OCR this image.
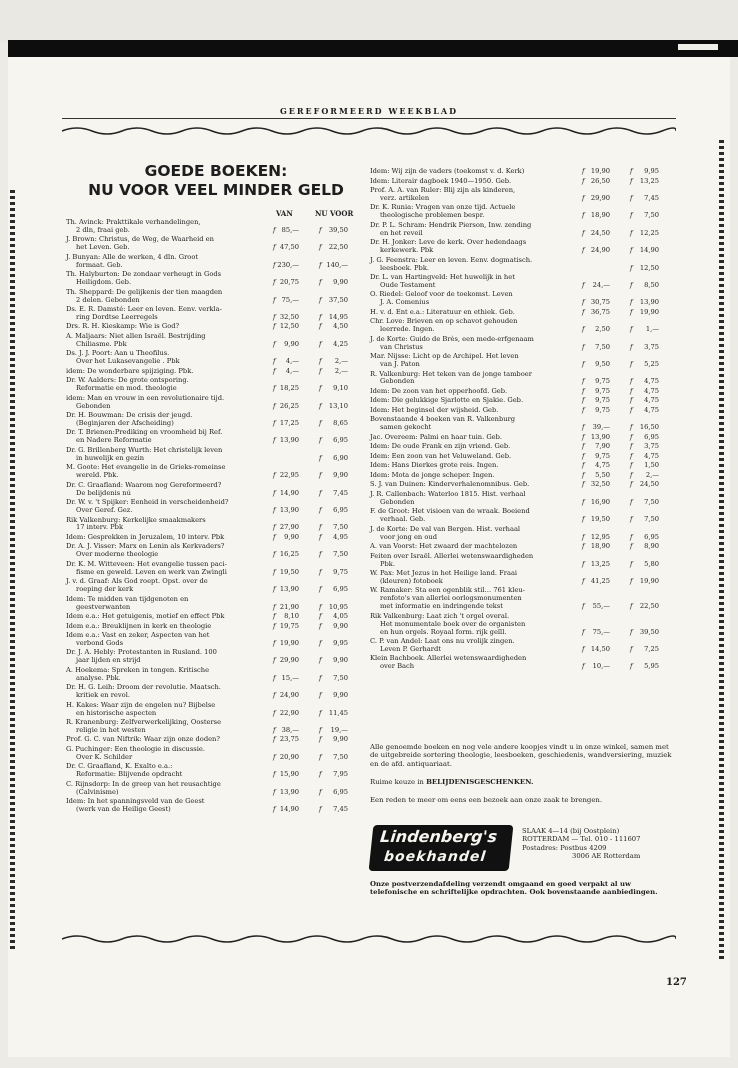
GEREFORMEERD WEEKBLAD
GOEDE BOEKEN:
NU VOOR VEEL MINDER GELD
VAN	NU VOOR
Th. Avinck: Prakttikale verhandelingen,
2 dln, fraai geb.	f 85,—	f	39,50
J. Brown: Christus, de Weg, de Waarheid en
het Leven. Geb.	f 47,50	f	22,50
J. Bunyan: Alle de werken, 4 dln. Groot
formaat. Geb.	f 230,—	f 140,—
Th. Halyburton: De zondaar verheugt in Gods
Heiligdom. Geb.	f 20,75	f	9,90
Th. Sheppard: De gelijkenis der tien maagden
2 delen. Gebonden	f 75,—	f	37,50
Ds. E. R. Damsté: Leer en leven. Eenv. verkla-
ring Dordtse Leerregels	f 32,50	f	14,95
Drs. R. H. Kieskamp: Wie is God?	f 12,50	f	4,50
A. Maljaars: Niet allen Israël. Bestrijding
Chiliasme. Pbk	f	9,90	f	4,25
Ds. J. J. Poort: Aan u Theofilus.
Over het Lukasevangelie . Pbk	f	4,—	f	2,—
idem: De wonderbare spijziging. Pbk.	f	4,—	f	2,—
Dr. W. Aalders: De grote ontsporing.
Reformatie en mod. theologie	f 18,25	f	9,10
idem: Man en vrouw in een revolutionaire tijd.
Gebonden	f 26,25	f	13,10
Dr. H. Bouwman: De crisis der jeugd.
(Beginjaren der Afscheiding)	f 17,25	f	8,65
Dr. T. Brienen:Prediking en vroomheid bij Ref.
en Nadere Reformatie	f 13,90	f	6,95
Dr. G. Brillenberg Wurth: Het christelijk leven
in huwelijk en gezin	f	6,90
M. Goote: Het evangelie in de Grieks-romeinse
wereld. Pbk.	f 22,95	f	9,90
Dr. C. Graafland: Waarom nog Gereformeerd?
De belijdenis nú	f 14,90	f	7,45
Dr. W. v. 't Spijker: Eenheid in verscheidenheid?
Over Geref. Gez.	f 13,90	f	6,95
Rik Valkenburg: Kerkelijke smaakmakers
17 interv. Pbk	f 27,90	f	7,50
Idem: Gesprekken in Jeruzalem, 10 interv. Pbk	f	9,90	f	4,95
Dr. A. J. Visser: Marx en Lenin als Kerkvaders?
Over moderne theologie	f 16,25	f	7,50
Dr. K. M. Witteveen: Het evangelie tussen paci-
fisme en geweld. Leven en werk van Zwingli	f 19,50	f	9,75
J. v. d. Graaf: Als God roept. Opst. over de
roeping der kerk	f 13,90	f	6,95
Idem: Te midden van tijdgenoten en
geestverwanten	f 21,90	f	10,95
Idem e.a.: Het getuigenis, motief en effect Pbk	f	8,10	f	4,05
Idem e.a.: Breuklijnen in kerk en theologie	f 19,75	f	9,90
Idem e.a.: Vast en zeker, Aspecten van het
verbond Gods	f 19,90	f	9,95
Dr. J. A. Hebly: Protestanten in Rusland. 100
jaar lijden en strijd	f 29,90	f	9,90
A. Hoekema: Spreken in tongen. Kritische
analyse. Pbk.	f 15,—	f	7,50
Dr. H. G. Leih: Droom der revolutie. Maatsch.
kritiek en revol.	f 24,90	f	9,90
H. Kakes: Waar zijn de engelen nu? Bijbelse
en historische aspecten	f 22,90	f	11,45
R. Kranenburg: Zelfverwerkelijking, Oosterse
religie in het westen	f 38,—	f	19,—
Prof. G. C. van Niftrik: Waar zijn onze doden?	f 23,75	f	9,90
G. Puchinger: Een theologie in discussie.
Over K. Schilder	f 20,90	f	7,50
Dr. C. Graafland, K. Exalto e.a.:
Reformatie: Blijvende opdracht	f 15,90	f	7,95
C. Rijnsdorp: In de greep van het reusachtige
(Calvinisme)	f 13,90	f	6,95
Idem: In het spanningsveld van de Geest
(werk van de Heilige Geest)	f 14,90	f	7,45
Idem: Wij zijn de vaders (toekomst v. d. Kerk)	f 19,90	f	9,95
Idem: Literair dagboek 1940—1950. Geb.	f 26,50	f	13,25
Prof. A. A. van Ruler: Blij zijn als kinderen,
verz. artikelen	f 29,90	f	7,45
Dr. K. Runia: Vragen van onze tijd. Actuele
theologische problemen bespr.	f 18,90	f	7,50
Dr. P. L. Schram: Hendrik Pierson, Inw. zending
en het reveil	f 24,50	f	12,25
Dr. H. Jonker: Leve de kerk. Over hedendaags
kerkewerk. Pbk	f 24,90	f	14,90
J. G. Feenstra: Leer en leven. Eenv. dogmatisch.
leesboek. Pbk.	f	12,50
Dr. L. van Hartingveld: Het huwelijk in het
Oude Testament	f	24,—	f	8,50
O. Riedel: Geloof voor de toekomst. Leven
J. A. Comenius	f 30,75	f	13,90
H. v. d. Ent e.a.: Literatuur en ethiek. Geb.	f 36,75	f	19,90
Chr. Love: Brieven en op schavot gehouden
leerrede. Ingen.	f	2,50	f	1,—
J. de Korte: Guido de Brès, een mede-erfgenaam
van Christus	f	7,50	f	3,75
Mar. Nijsse: Licht op de Archipel. Het leven
van J. Paton	f	9,50	f	5,25
R. Valkenburg: Het teken van de jonge tamboer
Gebonden	f	9,75	f	4,75
Idem: De zoon van het opperhoofd. Geb.	f	9,75	f	4,75
Idem: Die gelukkige Sjarlotte en Sjakie. Geb.	f	9,75	f	4,75
Idem: Het beginsel der wijsheid. Geb.	f	9,75	f	4,75
Bovenstaande 4 boeken van R. Valkenburg
samen gekocht	f	39,—	f	16,50
Jac. Overeem: Palmi en haar tuin. Geb.	f 13,90	f	6,95
Idem: De oude Frank en zijn vriend. Geb.	f	7,90	f	3,75
Idem: Een zoon van het Veluweland. Geb.	f	9,75	f	4,75
Idem: Hans Dierkes grote reis. Ingen.	f	4,75	f	1,50
Idem: Mota de jonge scheper. Ingen.	f	5,50	f	2,—
S. J. van Duinen: Kinderverhalenomnibus. Geb.	f 32,50	f	24,50
J. R. Callenbach: Waterloo 1815. Hist. verhaal
Gebonden	f 16,90	f	7,50
F. de Groot: Het visioen van de wraak. Boeiend
verhaal. Geb.	f 19,50	f	7,50
J. de Korte: De val van Bergen. Hist. verhaal
voor jong en oud	f 12,95	f	6,95
A. van Voorst: Het zwaard der machtelozen	f 18,90	f	8,90
Feiten over Israël. Allerlei wetenswaardigheden
Pbk.	f 13,25	f	5,80
W. Pax: Met Jezus in het Heilige land. Fraai
(kleuren) fotoboek	f 41,25	f	19,90
W. Ramaker: Sta een ogenblik stil… 761 kleu-
renfoto's van allerlei oorlogsmonumenten
met informatie en indringende tekst	f	55,—	f	22,50
Rik Valkenburg: Laat zich 't orgel overal.
Het monumentale boek over de organisten
en hun orgels. Royaal form. rijk geïll.	f	75,—	f	39,50
C. P. van Andel: Laat ons nu vrolijk zingen.
Leven P. Gerhardt	f 14,50	f	7,25
Klein Bachboek. Allerlei wetenswaardigheden
over Bach	f	10,—	f	5,95
Alle genoemde boeken en nog vele andere koopjes vindt u in onze winkel, samen met de uitgebreide sortering theologie, leesboeken, geschiedenis, wandversiering, muziek en de afd. antiquariaat.
Ruime keuze in BELIJDENISGESCHENKEN.
Een reden te meer om eens een bezoek aan onze zaak te brengen.
Lindenberg's
boekhandel
SLAAK 4—14 (bij Oostplein)
ROTTERDAM — Tel. 010 - 111607
Postadres: Postbus 4209
3006 AE Rotterdam
Onze postverzendafdeling verzendt omgaand en goed verpakt al uw telefonische en schriftelijke opdrachten. Ook bovenstaande aanbiedingen.
127
